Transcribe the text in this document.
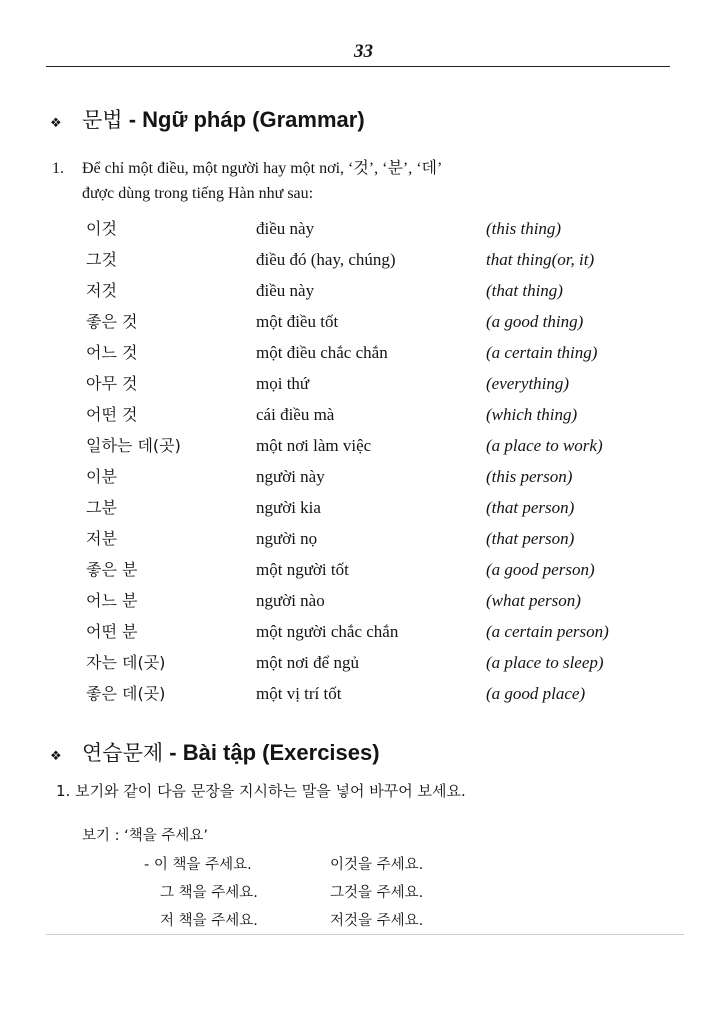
33
❖ 문법 - Ngữ pháp (Grammar)
1. Để chỉ một điều, một người hay một nơi, ‘것’, ‘분’, ‘데’
được dùng trong tiếng Hàn như sau:
이것	điều này	(this thing)
그것	điều đó (hay, chúng)	that thing(or, it)
저것	điều này	(that thing)
좋은 것	một điều tốt	(a good thing)
어느 것	một điều chắc chắn	(a certain thing)
아무 것	mọi thứ	(everything)
어떤 것	cái điều mà	(which thing)
일하는 데(곳)	một nơi làm việc	(a place to work)
이분	người này	(this person)
그분	người kia	(that person)
저분	người nọ	(that person)
좋은 분	một người tốt	(a good person)
어느 분	người nào	(what person)
어떤 분	một người chắc chắn	(a certain person)
자는 데(곳)	một nơi để ngủ	(a place to sleep)
좋은 데(곳)	một vị trí tốt	(a good place)
❖ 연습문제 - Bài tập (Exercises)
1. 보기와 같이 다음 문장을 지시하는 말을 넣어 바꾸어 보세요.
보기 : ‘책을 주세요’
- 이 책을 주세요.	이것을 주세요.
그 책을 주세요.	그것을 주세요.
저 책을 주세요.	저것을 주세요.
